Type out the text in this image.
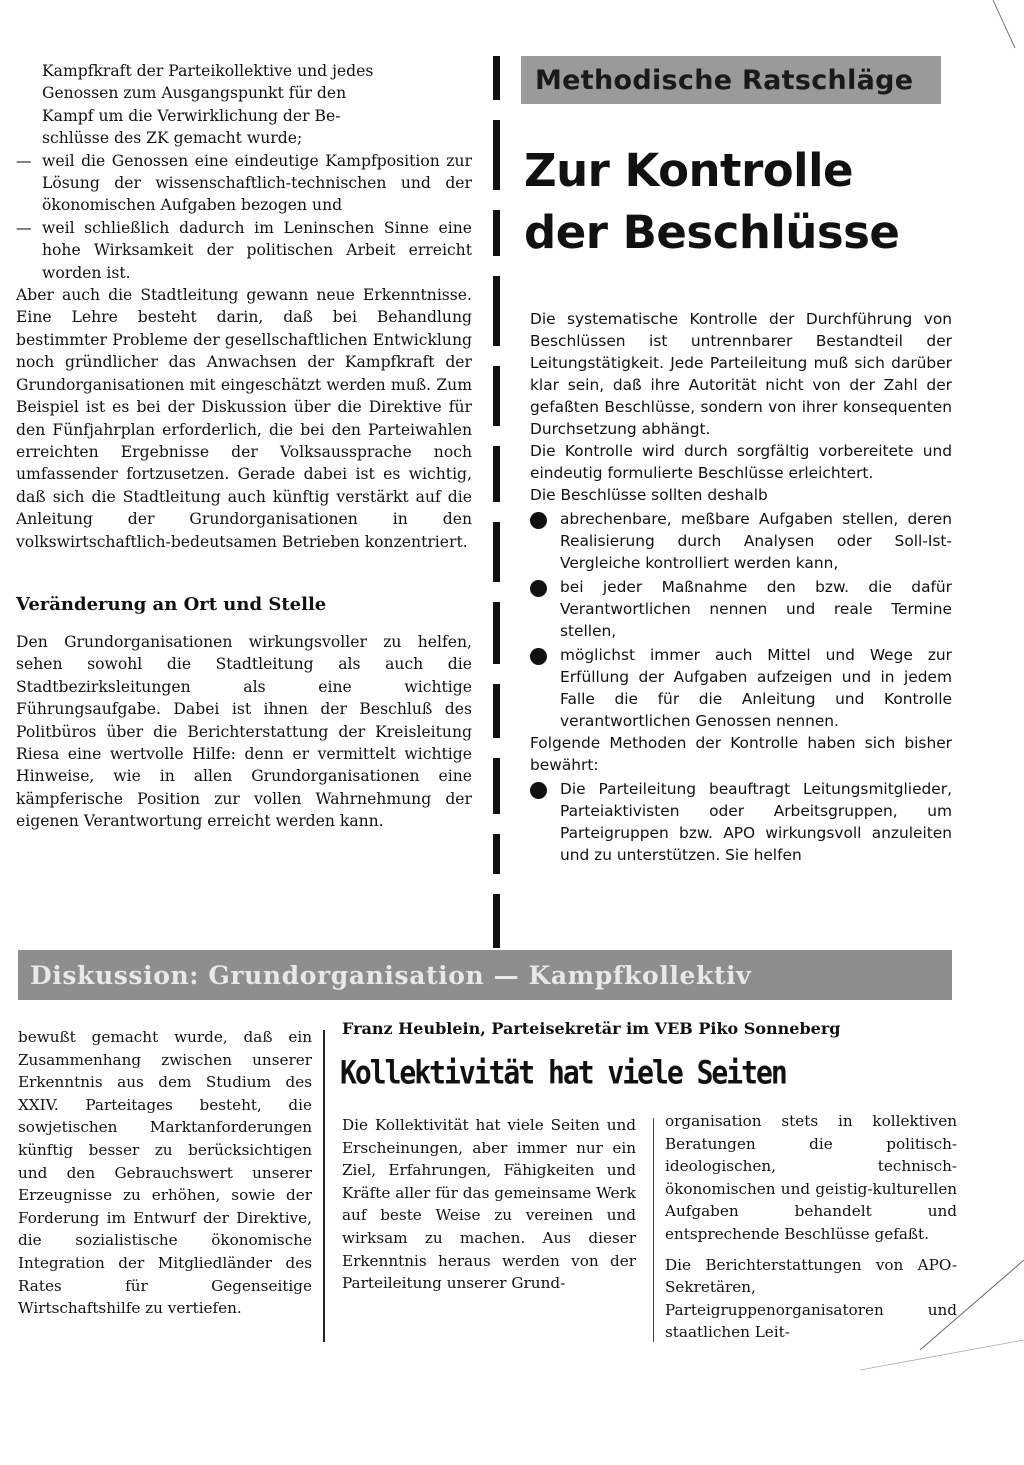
Kampfkraft der Parteikollektive und jedes
Genossen zum Ausgangspunkt für den
Kampf um die Verwirklichung der Be-
schlüsse des ZK gemacht wurde;

— weil die Genossen eine eindeutige Kampfposition zur Lösung der wissenschaftlich-technischen und der ökonomischen Aufgaben bezogen und
— weil schließlich dadurch im Leninschen Sinne eine hohe Wirksamkeit der politischen Arbeit erreicht worden ist.

Aber auch die Stadtleitung gewann neue Erkenntnisse. Eine Lehre besteht darin, daß bei Behandlung bestimmter Probleme der gesellschaftlichen Entwicklung noch gründlicher das Anwachsen der Kampfkraft der Grundorganisationen mit eingeschätzt werden muß. Zum Beispiel ist es bei der Diskussion über die Direktive für den Fünfjahrplan erforderlich, die bei den Parteiwahlen erreichten Ergebnisse der Volksaussprache noch umfassender fortzusetzen. Gerade dabei ist es wichtig, daß sich die Stadtleitung auch künftig verstärkt auf die Anleitung der Grundorganisationen in den volkswirtschaftlich-bedeutsamen Betrieben konzentriert.

Veränderung an Ort und Stelle

Den Grundorganisationen wirkungsvoller zu helfen, sehen sowohl die Stadtleitung als auch die Stadtbezirksleitungen als eine wichtige Führungsaufgabe. Dabei ist ihnen der Beschluß des Politbüros über die Berichterstattung der Kreisleitung Riesa eine wertvolle Hilfe: denn er vermittelt wichtige Hinweise, wie in allen Grundorganisationen eine kämpferische Position zur vollen Wahrnehmung der eigenen Verantwortung erreicht werden kann.

Methodische Ratschläge
Zur Kontrolle
der Beschlüsse

Die systematische Kontrolle der Durchführung von Beschlüssen ist untrennbarer Bestandteil der Leitungstätigkeit. Jede Parteileitung muß sich darüber klar sein, daß ihre Autorität nicht von der Zahl der gefaßten Beschlüsse, sondern von ihrer konsequenten Durchsetzung abhängt.

Die Kontrolle wird durch sorgfältig vorbereitete und eindeutig formulierte Beschlüsse erleichtert.

Die Beschlüsse sollten deshalb

abrechenbare, meßbare Aufgaben stellen, deren Realisierung durch Analysen oder Soll-Ist-Vergleiche kontrolliert werden kann,
bei jeder Maßnahme den bzw. die dafür Verantwortlichen nennen und reale Termine stellen,
möglichst immer auch Mittel und Wege zur Erfüllung der Aufgaben aufzeigen und in jedem Falle die für die Anleitung und Kontrolle verantwortlichen Genossen nennen.

Folgende Methoden der Kontrolle haben sich bisher bewährt:

Die Parteileitung beauftragt Leitungsmitglieder, Parteiaktivisten oder Arbeitsgruppen, um Parteigruppen bzw. APO wirkungsvoll anzuleiten und zu unterstützen. Sie helfen
Diskussion: Grundorganisation — Kampfkollektiv

bewußt gemacht wurde, daß ein Zusammenhang zwischen unserer Erkenntnis aus dem Studium des XXIV. Parteitages besteht, die sowjetischen Marktanforderungen künftig besser zu berücksichtigen und den Gebrauchswert unserer Erzeugnisse zu erhöhen, sowie der Forderung im Entwurf der Direktive, die sozialistische ökonomische Integration der Mitgliedländer des Rates für Gegenseitige Wirtschaftshilfe zu vertiefen.

Franz Heublein, Parteisekretär im VEB Piko Sonneberg
Kollektivität hat viele Seiten

Die Kollektivität hat viele Seiten und Erscheinungen, aber immer nur ein Ziel, Erfahrungen, Fähigkeiten und Kräfte aller für das gemeinsame Werk auf beste Weise zu vereinen und wirksam zu machen. Aus dieser Erkenntnis heraus werden von der Parteileitung unserer Grund-

organisation stets in kollektiven Beratungen die politisch-ideologischen, technisch-ökonomischen und geistig-kulturellen Aufgaben behandelt und entsprechende Beschlüsse gefaßt.

Die Berichterstattungen von APO-Sekretären, Parteigruppenorganisatoren und staatlichen Leit-
